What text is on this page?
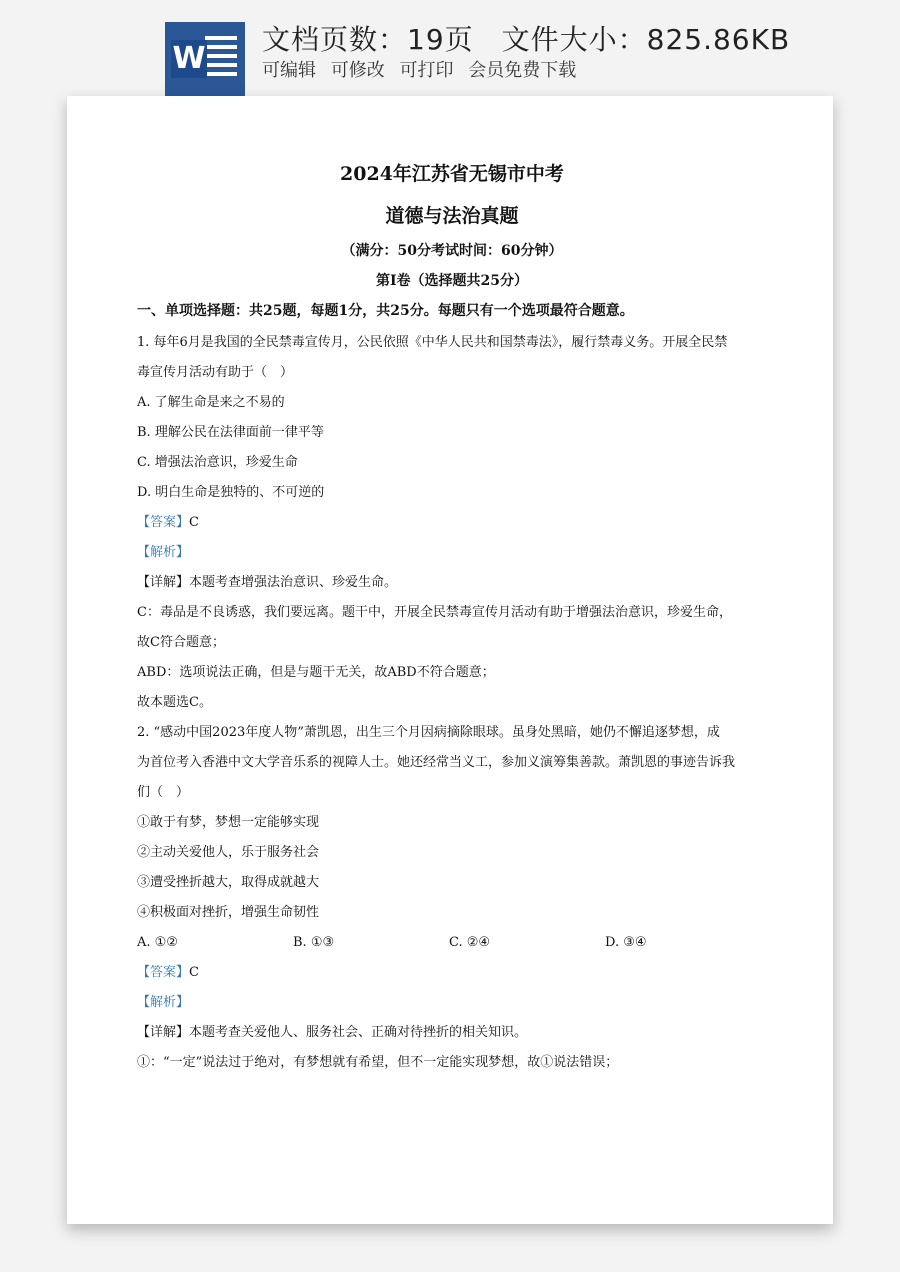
W
文档页数：19页 文件大小：825.86KB
可编辑 可修改 可打印 会员免费下载
2024年江苏省无锡市中考
道德与法治真题
（满分：50分考试时间：60分钟）
第Ⅰ卷（选择题共25分）
一、单项选择题：共25题，每题1分，共25分。每题只有一个选项最符合题意。
1. 每年6月是我国的全民禁毒宣传月，公民依照《中华人民共和国禁毒法》，履行禁毒义务。开展全民禁
毒宣传月活动有助于（　）
A. 了解生命是来之不易的
B. 理解公民在法律面前一律平等
C. 增强法治意识，珍爱生命
D. 明白生命是独特的、不可逆的
【答案】C
【解析】
【详解】本题考查增强法治意识、珍爱生命。
C：毒品是不良诱惑，我们要远离。题干中，开展全民禁毒宣传月活动有助于增强法治意识，珍爱生命，
故C符合题意；
ABD：选项说法正确，但是与题干无关，故ABD不符合题意；
故本题选C。
2. “感动中国2023年度人物”萧凯恩，出生三个月因病摘除眼球。虽身处黑暗，她仍不懈追逐梦想，成
为首位考入香港中文大学音乐系的视障人士。她还经常当义工，参加义演筹集善款。萧凯恩的事迹告诉我
们（　）
①敢于有梦，梦想一定能够实现
②主动关爱他人，乐于服务社会
③遭受挫折越大，取得成就越大
④积极面对挫折，增强生命韧性
A. ①②	B. ①③	C. ②④	D. ③④
【答案】C
【解析】
【详解】本题考查关爱他人、服务社会、正确对待挫折的相关知识。
①：“一定”说法过于绝对，有梦想就有希望，但不一定能实现梦想，故①说法错误；
